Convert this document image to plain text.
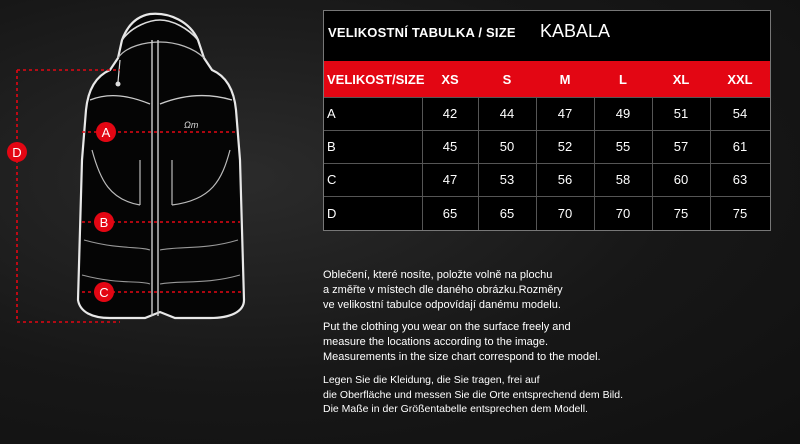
Ωm
A
B
C
D
VELIKOSTNÍ TABULKA / SIZE KABALA
VELIKOST/SIZE	XS	S	M	L	XL	XXL
A	42	44	47	49	51	54
B	45	50	52	55	57	61
C	47	53	56	58	60	63
D	65	65	70	70	75	75
Oblečení, které nosíte, položte volně na plochu
a změřte v místech dle daného obrázku.Rozměry
ve velikostní tabulce odpovídají danému modelu.
Put the clothing you wear on the surface freely and
measure the locations according to the image.
Measurements in the size chart correspond to the model.
Legen Sie die Kleidung, die Sie tragen, frei auf
die Oberfläche und messen Sie die Orte entsprechend dem Bild.
Die Maße in der Größentabelle entsprechen dem Modell.
